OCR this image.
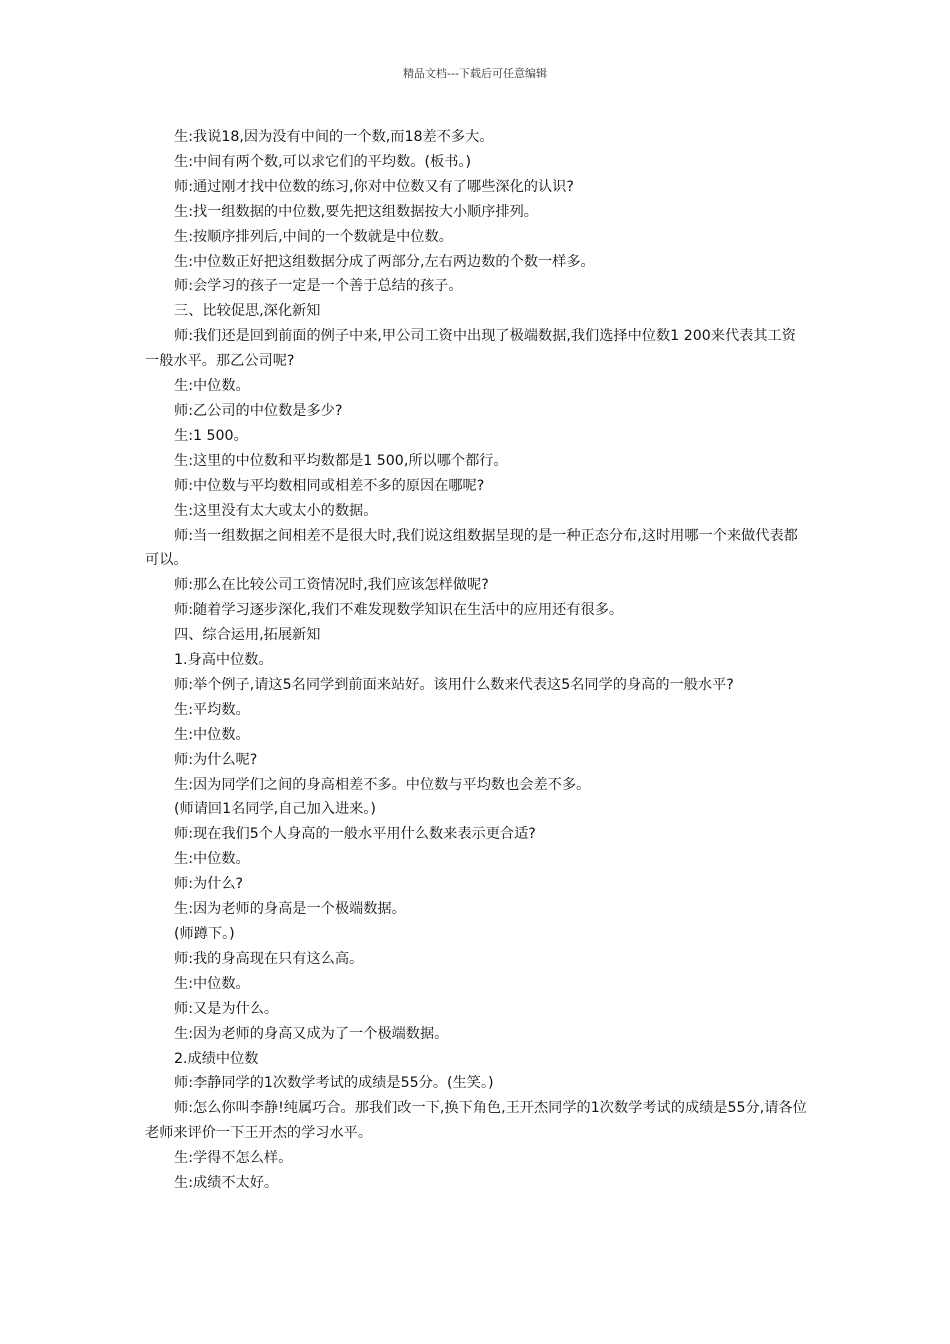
精品文档---下载后可任意编辑

生:我说18,因为没有中间的一个数,而18差不多大。

生:中间有两个数,可以求它们的平均数。(板书。)

师:通过刚才找中位数的练习,你对中位数又有了哪些深化的认识?

生:找一组数据的中位数,要先把这组数据按大小顺序排列。

生:按顺序排列后,中间的一个数就是中位数。

生:中位数正好把这组数据分成了两部分,左右两边数的个数一样多。

师:会学习的孩子一定是一个善于总结的孩子。

三、比较促思,深化新知

师:我们还是回到前面的例子中来,甲公司工资中出现了极端数据,我们选择中位数1 200来代表其工资一般水平。那乙公司呢?

生:中位数。

师:乙公司的中位数是多少?

生:1 500。

生:这里的中位数和平均数都是1 500,所以哪个都行。

师:中位数与平均数相同或相差不多的原因在哪呢?

生:这里没有太大或太小的数据。

师:当一组数据之间相差不是很大时,我们说这组数据呈现的是一种正态分布,这时用哪一个来做代表都可以。

师:那么在比较公司工资情况时,我们应该怎样做呢?

师:随着学习逐步深化,我们不难发现数学知识在生活中的应用还有很多。

四、综合运用,拓展新知

1.身高中位数。

师:举个例子,请这5名同学到前面来站好。该用什么数来代表这5名同学的身高的一般水平?

生:平均数。

生:中位数。

师:为什么呢?

生:因为同学们之间的身高相差不多。中位数与平均数也会差不多。

(师请回1名同学,自己加入进来。)

师:现在我们5个人身高的一般水平用什么数来表示更合适?

生:中位数。

师:为什么?

生:因为老师的身高是一个极端数据。

(师蹲下。)

师:我的身高现在只有这么高。

生:中位数。

师:又是为什么。

生:因为老师的身高又成为了一个极端数据。

2.成绩中位数

师:李静同学的1次数学考试的成绩是55分。(生笑。)

师:怎么你叫李静!纯属巧合。那我们改一下,换下角色,王开杰同学的1次数学考试的成绩是55分,请各位老师来评价一下王开杰的学习水平。

生:学得不怎么样。

生:成绩不太好。
